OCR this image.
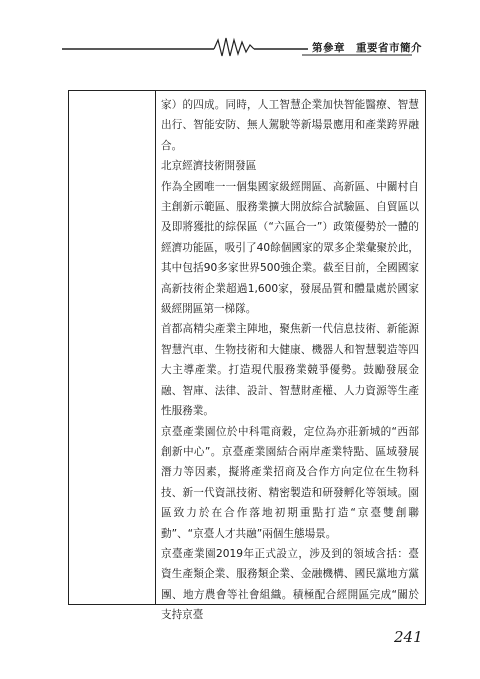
第參章　重要省市簡介

家）的四成。同時，人工智慧企業加快智能醫療、智慧出行、智能安防、無人駕駛等新場景應用和產業跨界融合。

北京經濟技術開發區

作為全國唯一一個集國家級經開區、高新區、中關村自主創新示範區、服務業擴大開放綜合試驗區、自貿區以及即將獲批的綜保區（“六區合一”）政策優勢於一體的經濟功能區，吸引了40餘個國家的眾多企業彙聚於此，其中包括90多家世界500強企業。截至目前，全國國家高新技術企業超過1,600家，發展品質和體量處於國家級經開區第一梯隊。

首都高精尖產業主陣地，聚焦新一代信息技術、新能源智慧汽車、生物技術和大健康、機器人和智慧製造等四大主導產業。打造現代服務業競爭優勢。鼓勵發展金融、智庫、法律、設計、智慧財產權、人力資源等生產性服務業。

京臺產業園位於中科電商穀，定位為亦莊新城的“西部創新中心”。京臺產業園結合兩岸產業特點、區域發展潛力等因素，擬將產業招商及合作方向定位在生物科技、新一代資訊技術、精密製造和研發孵化等領域。園區致力於在合作落地初期重點打造“京臺雙創聯動”、“京臺人才共融”兩個生態場景。

京臺產業園2019年正式設立，涉及到的領域含括：臺資生產類企業、服務類企業、金融機構、國民黨地方黨團、地方農會等社會組織。積極配合經開區完成“關於支持京臺

241
